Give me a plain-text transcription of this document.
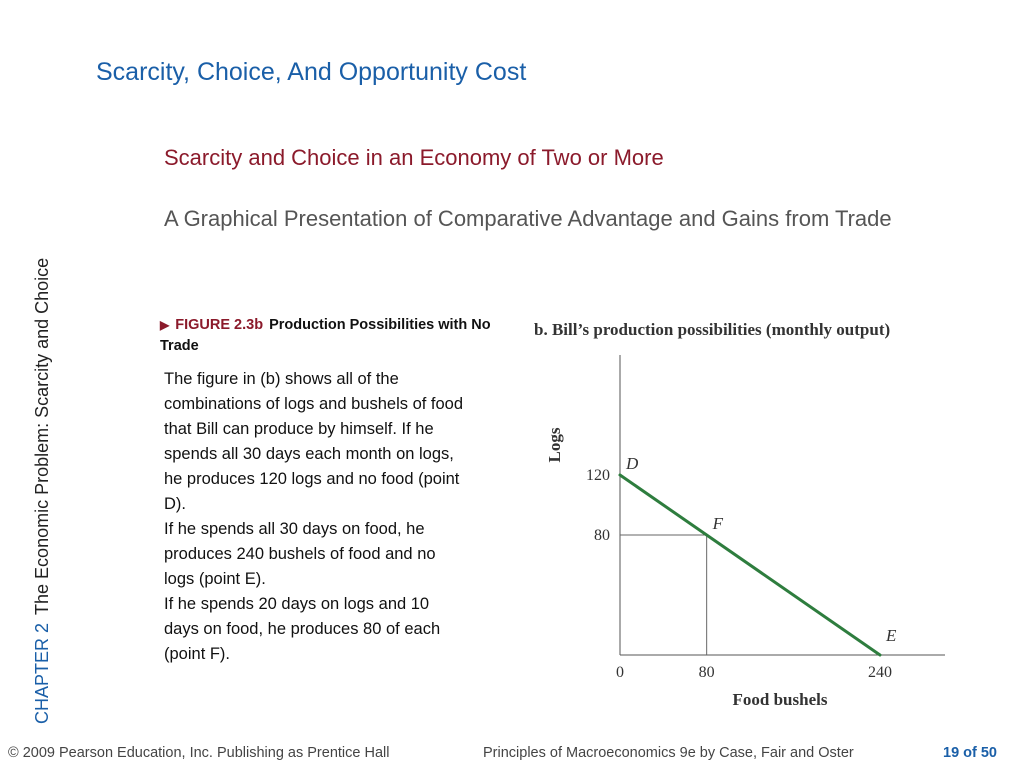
Scarcity, Choice, And Opportunity Cost
Scarcity and Choice in an Economy of Two or More
A Graphical Presentation of Comparative Advantage and Gains from Trade
CHAPTER 2The Economic Problem: Scarcity and Choice	▶ FIGURE 2.3b Production Possibilities with No Trade

The figure in (b) shows all of the combinations of logs and bushels of food that Bill can produce by himself. If he spends all 30 days each month on logs, he produces 120 logs and no food (point D).

If he spends all 30 days on food, he produces 240 bushels of food and no logs (point E).

If he spends 20 days on logs and 10 days on food, he produces 80 of each (point F).

b. Bill’s production possibilities (monthly output)
0	80	240
80
120
D
F
E
Food bushels
Logs
© 2009 Pearson Education, Inc. Publishing as Prentice Hall	Principles of Macroeconomics 9e by Case, Fair and Oster	19 of 50
